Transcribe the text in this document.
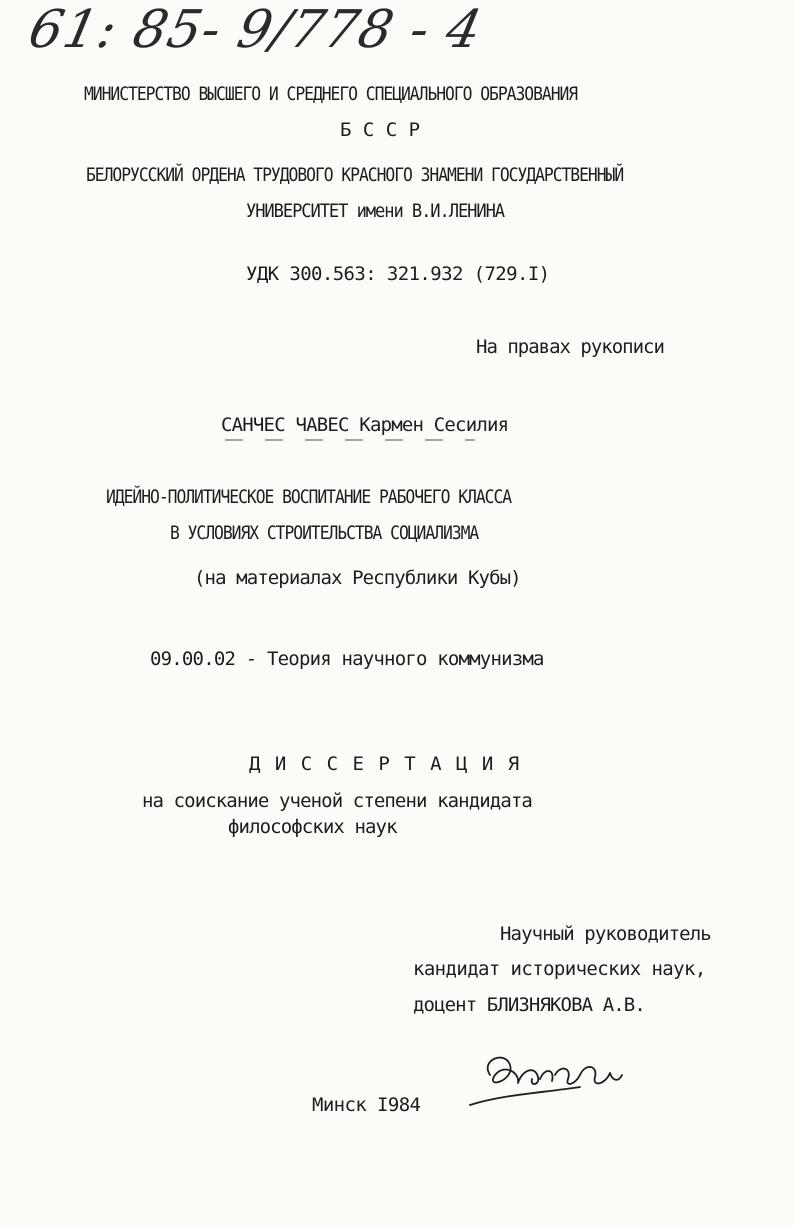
61: 85- 9/778 - 4
МИНИСТЕРСТВО ВЫСШЕГО И СРЕДНЕГО СПЕЦИАЛЬНОГО ОБРАЗОВАНИЯ
Б С С Р
БЕЛОРУССКИЙ ОРДЕНА ТРУДОВОГО КРАСНОГО ЗНАМЕНИ ГОСУДАРСТВЕННЫЙ
УНИВЕРСИТЕТ имени В.И.ЛЕНИНА
УДК 300.563: 321.932 (729.I)
На правах рукописи
САНЧЕС ЧАВЕС Кармен Сесилия
ИДЕЙНО-ПОЛИТИЧЕСКОЕ ВОСПИТАНИЕ РАБОЧЕГО КЛАССА
В УСЛОВИЯХ СТРОИТЕЛЬСТВА СОЦИАЛИЗМА
(на материалах Республики Кубы)
09.00.02 - Теория научного коммунизма
Д И С С Е Р Т А Ц И Я
на соискание ученой степени кандидата
философских наук
Научный руководитель
кандидат исторических наук,
доцент БЛИЗНЯКОВА А.В.
Минск I984
